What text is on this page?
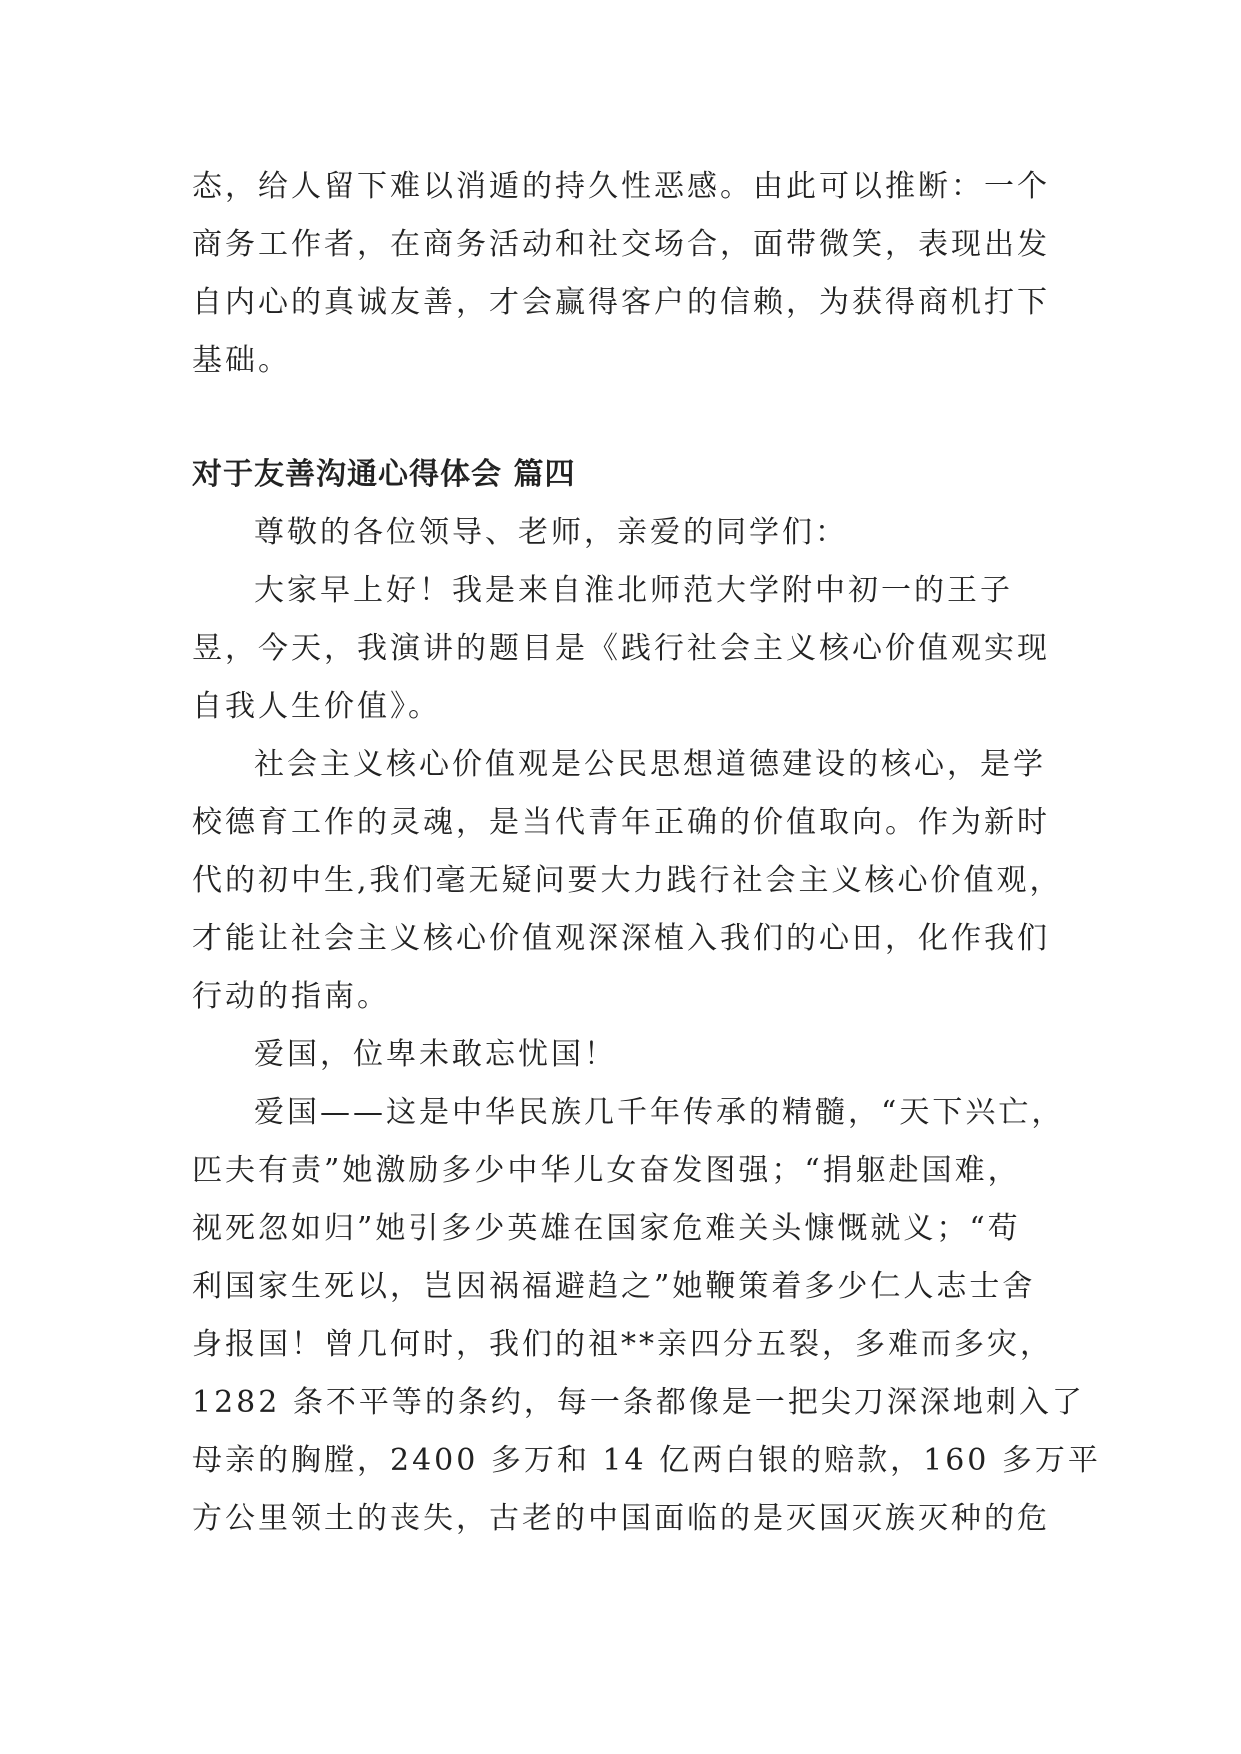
态，给人留下难以消遁的持久性恶感。由此可以推断：一个
商务工作者，在商务活动和社交场合，面带微笑，表现出发
自内心的真诚友善，才会赢得客户的信赖，为获得商机打下
基础。

对于友善沟通心得体会 篇四

尊敬的各位领导、老师，亲爱的同学们：

大家早上好！我是来自淮北师范大学附中初一的王子
昱，今天，我演讲的题目是《践行社会主义核心价值观实现
自我人生价值》。

社会主义核心价值观是公民思想道德建设的核心，是学
校德育工作的灵魂，是当代青年正确的价值取向。作为新时
代的初中生,我们毫无疑问要大力践行社会主义核心价值观，
才能让社会主义核心价值观深深植入我们的心田，化作我们
行动的指南。

爱国，位卑未敢忘忧国！

爱国——这是中华民族几千年传承的精髓，“天下兴亡，
匹夫有责”她激励多少中华儿女奋发图强；“捐躯赴国难，
视死忽如归”她引多少英雄在国家危难关头慷慨就义；“苟
利国家生死以，岂因祸福避趋之”她鞭策着多少仁人志士舍
身报国！曾几何时，我们的祖**亲四分五裂，多难而多灾，
1282 条不平等的条约，每一条都像是一把尖刀深深地刺入了
母亲的胸膛，2400 多万和 14 亿两白银的赔款，160 多万平
方公里领土的丧失，古老的中国面临的是灭国灭族灭种的危
